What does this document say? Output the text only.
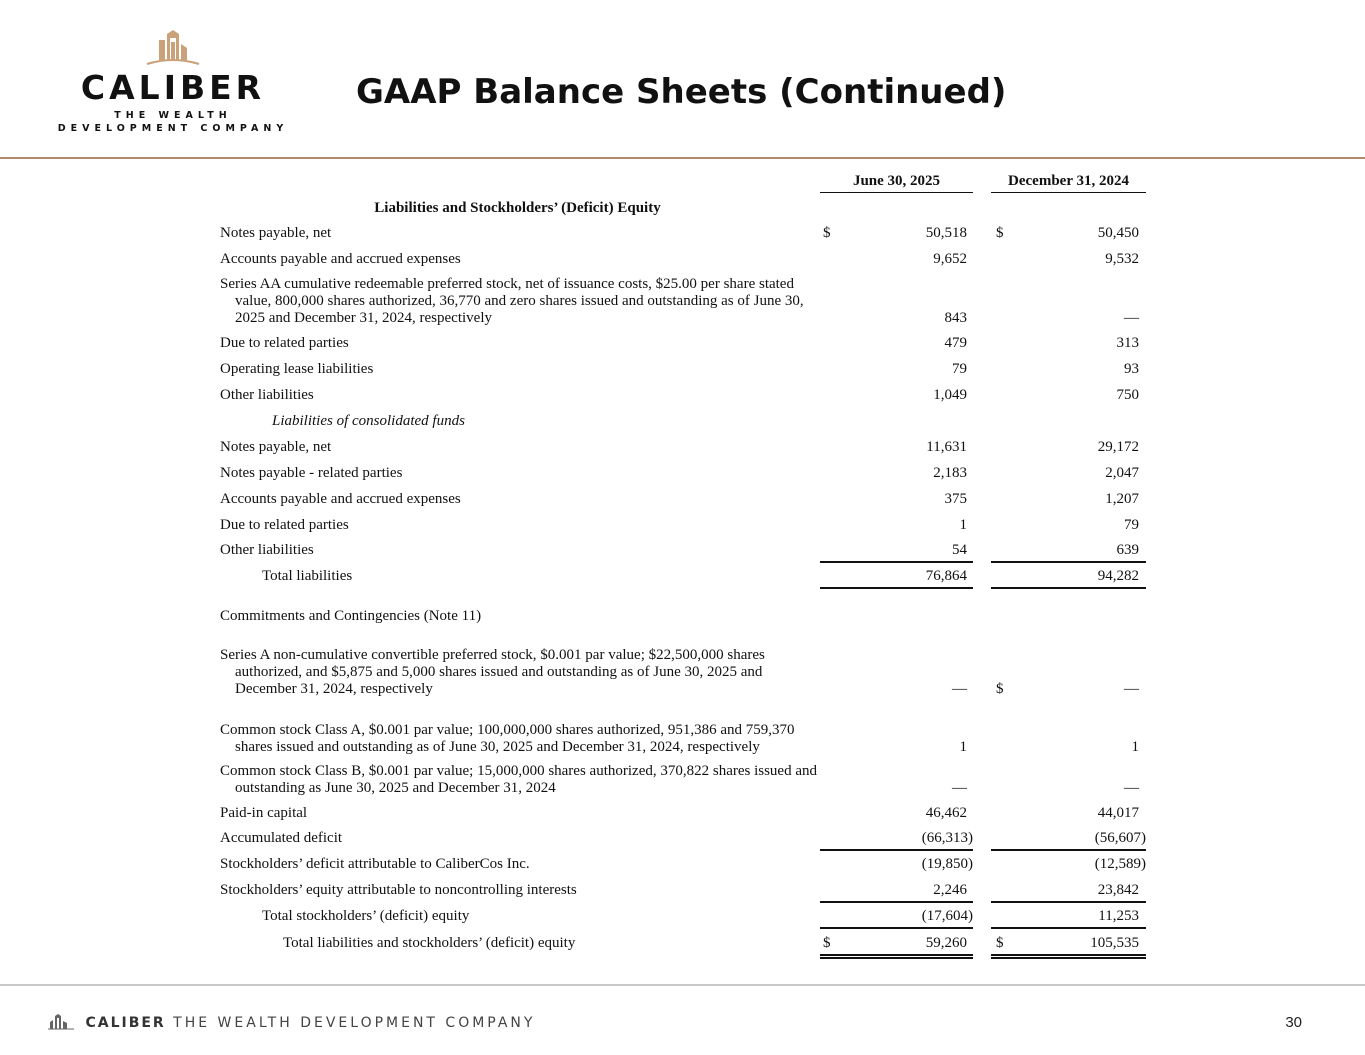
CALIBER
THE WEALTH DEVELOPMENT COMPANY
GAAP Balance Sheets (Continued)
June 30, 2025	December 31, 2024
Liabilities and Stockholders’ (Deficit) Equity
Notes payable, net	$	50,518 $	50,450
Accounts payable and accrued expenses	9,652	9,532
Series AA cumulative redeemable preferred stock, net of issuance costs, $25.00 per share stated value, 800,000 shares authorized, 36,770 and zero shares issued and outstanding as of June 30, 2025 and December 31, 2024, respectively	843	—
Due to related parties	479	313
Operating lease liabilities	79	93
Other liabilities	1,049	750
Liabilities of consolidated funds
Notes payable, net	11,631	29,172
Notes payable - related parties	2,183	2,047
Accounts payable and accrued expenses	375	1,207
Due to related parties	1	79
Other liabilities	54	639
Total liabilities	76,864	94,282
Commitments and Contingencies (Note 11)
Series A non-cumulative convertible preferred stock, $0.001 par value; $22,500,000 shares authorized, and $5,875 and 5,000 shares issued and outstanding as of June 30, 2025 and December 31, 2024, respectively	— $	—
Common stock Class A, $0.001 par value; 100,000,000 shares authorized, 951,386 and 759,370 shares issued and outstanding as of June 30, 2025 and December 31, 2024, respectively	1	1
Common stock Class B, $0.001 par value; 15,000,000 shares authorized, 370,822 shares issued and outstanding as June 30, 2025 and December 31, 2024	—	—
Paid-in capital	46,462	44,017
Accumulated deficit	(66,313)	(56,607)
Stockholders’ deficit attributable to CaliberCos Inc.	(19,850)	(12,589)
Stockholders’ equity attributable to noncontrolling interests	2,246	23,842
Total stockholders’ (deficit) equity	(17,604)	11,253
Total liabilities and stockholders’ (deficit) equity	$	59,260 $	105,535
CALIBER THE WEALTH DEVELOPMENT COMPANY	30
